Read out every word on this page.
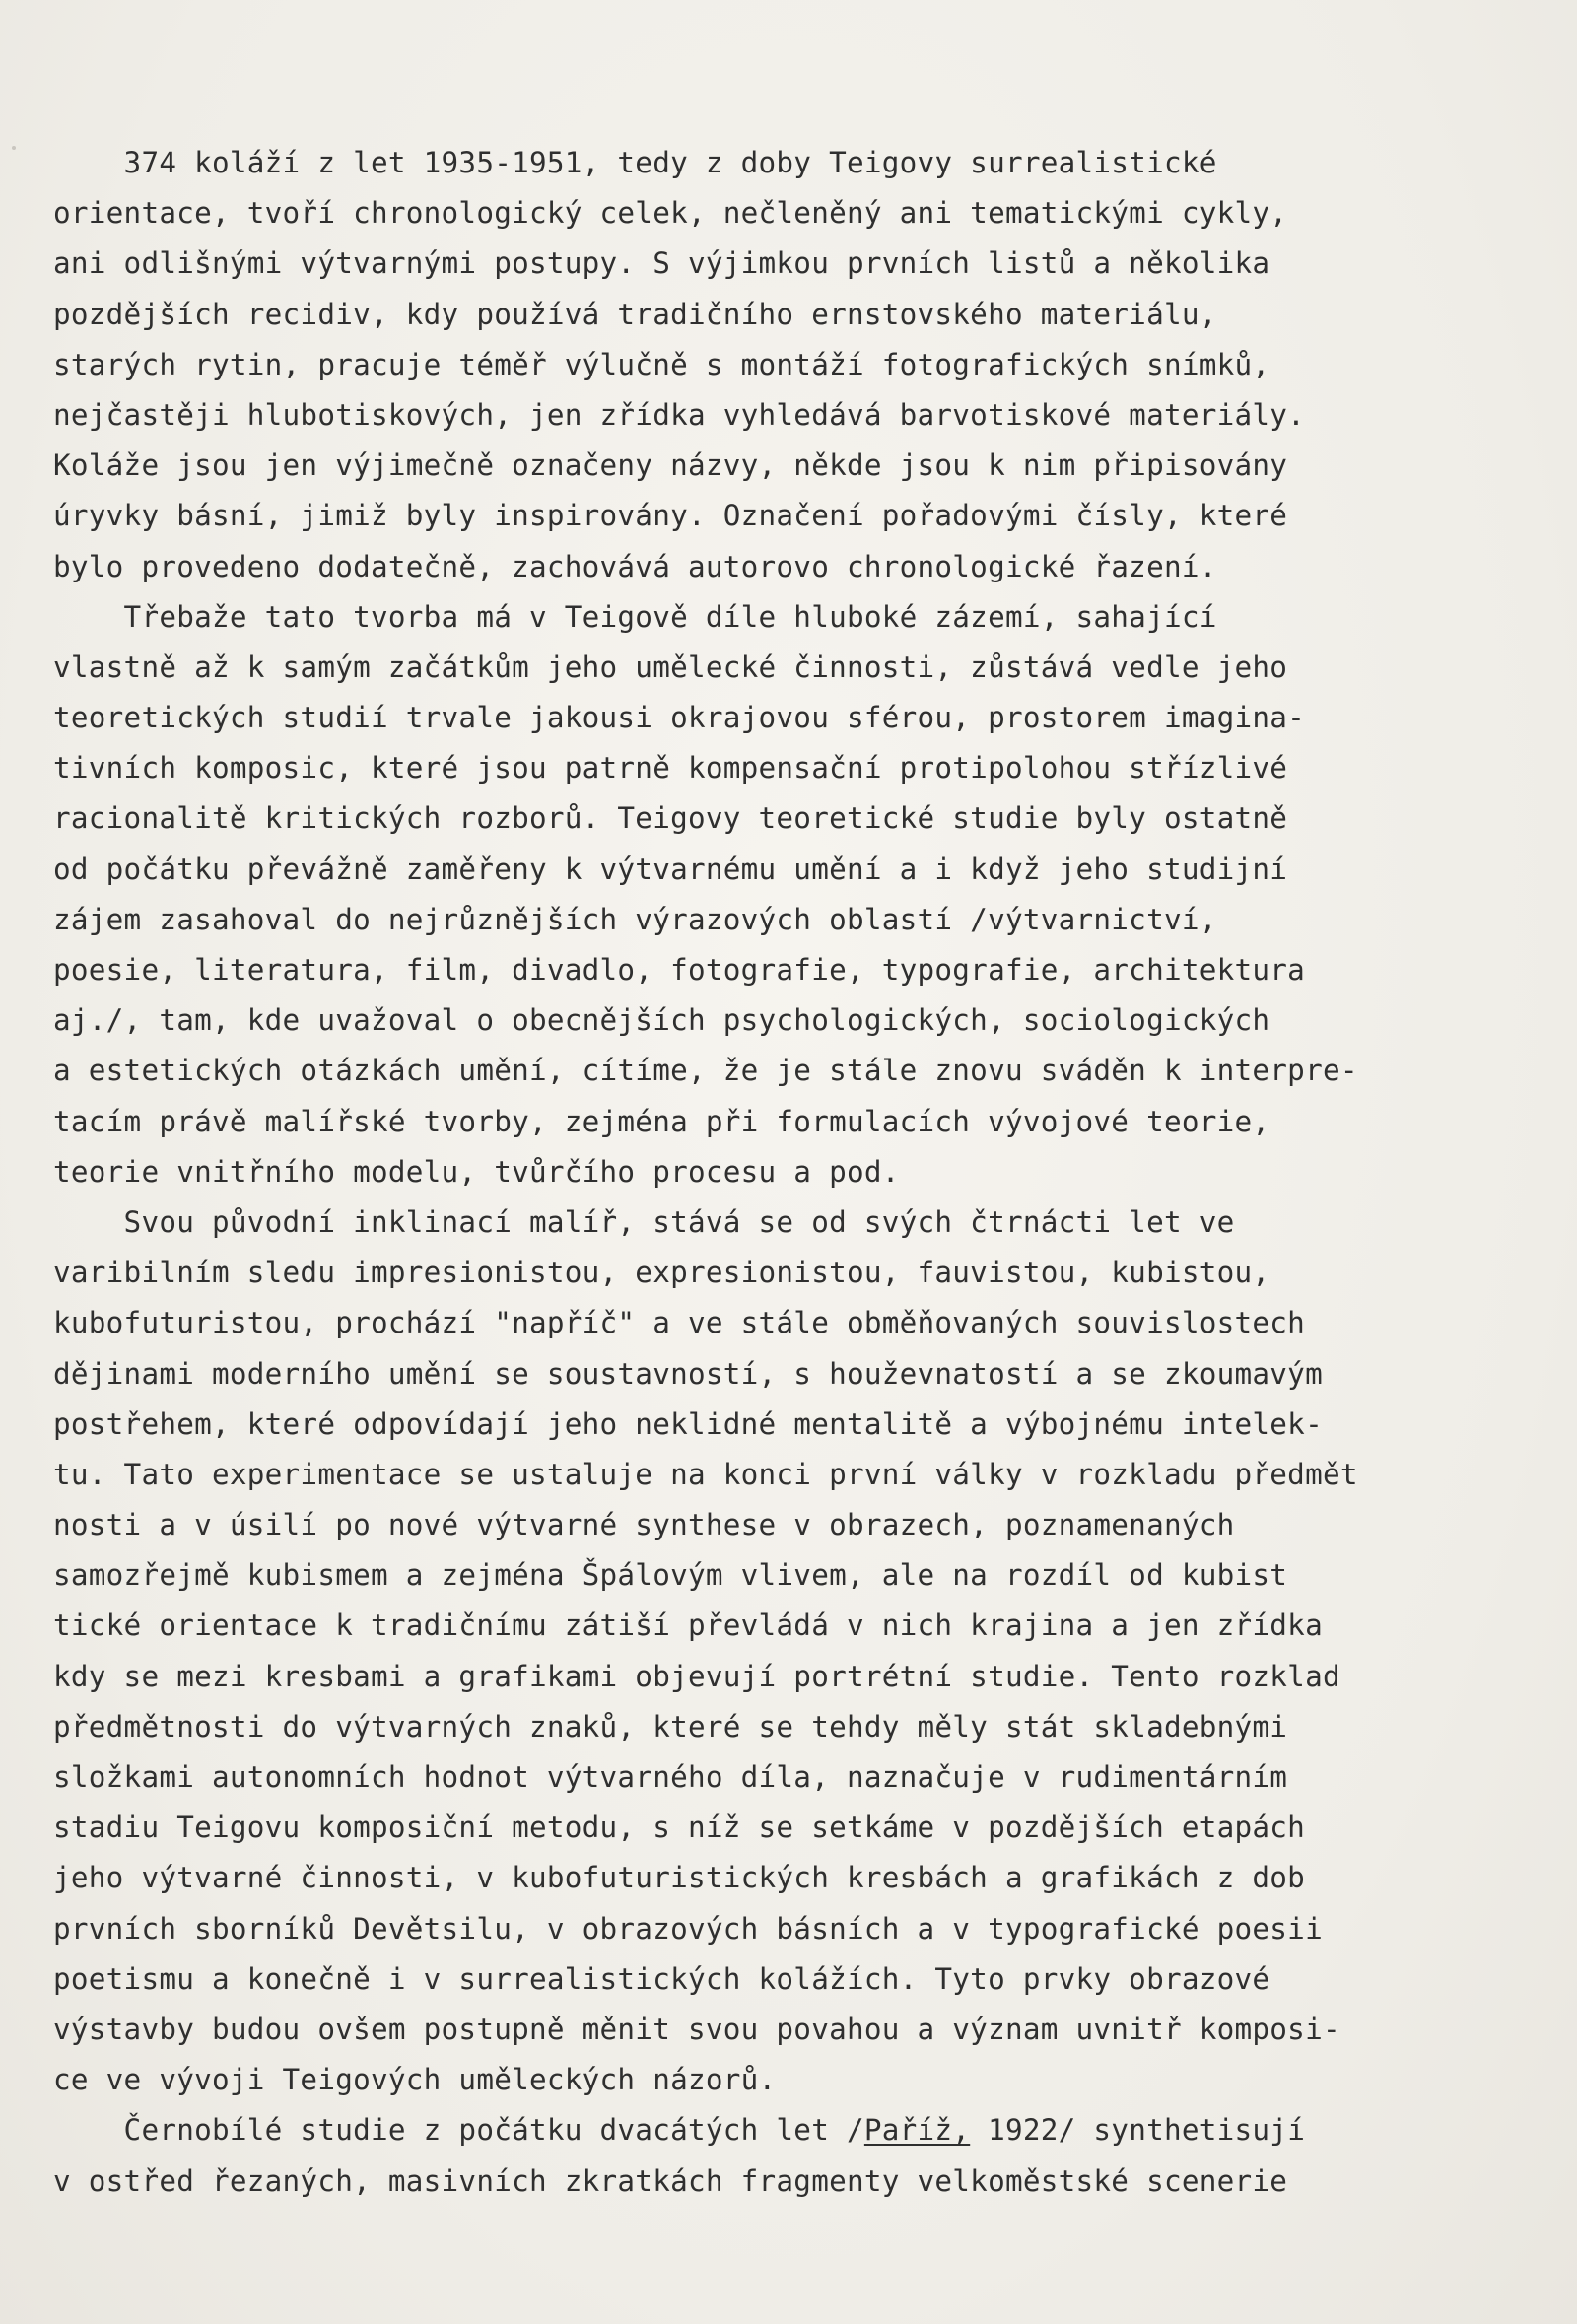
374 koláží z let 1935-1951, tedy z doby Teigovy surrealistické
orientace, tvoří chronologický celek, nečleněný ani tematickými cykly,
ani odlišnými výtvarnými postupy. S výjimkou prvních listů a několika
pozdějších recidiv, kdy používá tradičního ernstovského materiálu,
starých rytin, pracuje téměř výlučně s montáží fotografických snímků,
nejčastěji hlubotiskových, jen zřídka vyhledává barvotiskové materiály.
Koláže jsou jen výjimečně označeny názvy, někde jsou k nim připisovány
úryvky básní, jimiž byly inspirovány. Označení pořadovými čísly, které
bylo provedeno dodatečně, zachovává autorovo chronologické řazení.
Třebaže tato tvorba má v Teigově díle hluboké zázemí, sahající
vlastně až k samým začátkům jeho umělecké činnosti, zůstává vedle jeho
teoretických studií trvale jakousi okrajovou sférou, prostorem imagina-
tivních komposic, které jsou patrně kompensační protipolohou střízlivé
racionalitě kritických rozborů. Teigovy teoretické studie byly ostatně
od počátku převážně zaměřeny k výtvarnému umění a i když jeho studijní
zájem zasahoval do nejrůznějších výrazových oblastí /výtvarnictví,
poesie, literatura, film, divadlo, fotografie, typografie, architektura
aj./, tam, kde uvažoval o obecnějších psychologických, sociologických
a estetických otázkách umění, cítíme, že je stále znovu sváděn k interpre-
tacím právě malířské tvorby, zejména při formulacích vývojové teorie,
teorie vnitřního modelu, tvůrčího procesu a pod.
Svou původní inklinací malíř, stává se od svých čtrnácti let ve
varibilním sledu impresionistou, expresionistou, fauvistou, kubistou,
kubofuturistou, prochází "napříč" a ve stále obměňovaných souvislostech
dějinami moderního umění se soustavností, s houževnatostí a se zkoumavým
postřehem, které odpovídají jeho neklidné mentalitě a výbojnému intelek-
tu. Tato experimentace se ustaluje na konci první války v rozkladu předmět
nosti a v úsilí po nové výtvarné synthese v obrazech, poznamenaných
samozřejmě kubismem a zejména Špálovým vlivem, ale na rozdíl od kubist
tické orientace k tradičnímu zátiší převládá v nich krajina a jen zřídka
kdy se mezi kresbami a grafikami objevují portrétní studie. Tento rozklad
předmětnosti do výtvarných znaků, které se tehdy měly stát skladebnými
složkami autonomních hodnot výtvarného díla, naznačuje v rudimentárním
stadiu Teigovu komposiční metodu, s níž se setkáme v pozdějších etapách
jeho výtvarné činnosti, v kubofuturistických kresbách a grafikách z dob
prvních sborníků Devětsilu, v obrazových básních a v typografické poesii
poetismu a konečně i v surrealistických kolážích. Tyto prvky obrazové
výstavby budou ovšem postupně měnit svou povahou a význam uvnitř komposi-
ce ve vývoji Teigových uměleckých názorů.
Černobílé studie z počátku dvacátých let /Paříž, 1922/ synthetisují
v ostřed řezaných, masivních zkratkách fragmenty velkoměstské scenerie
